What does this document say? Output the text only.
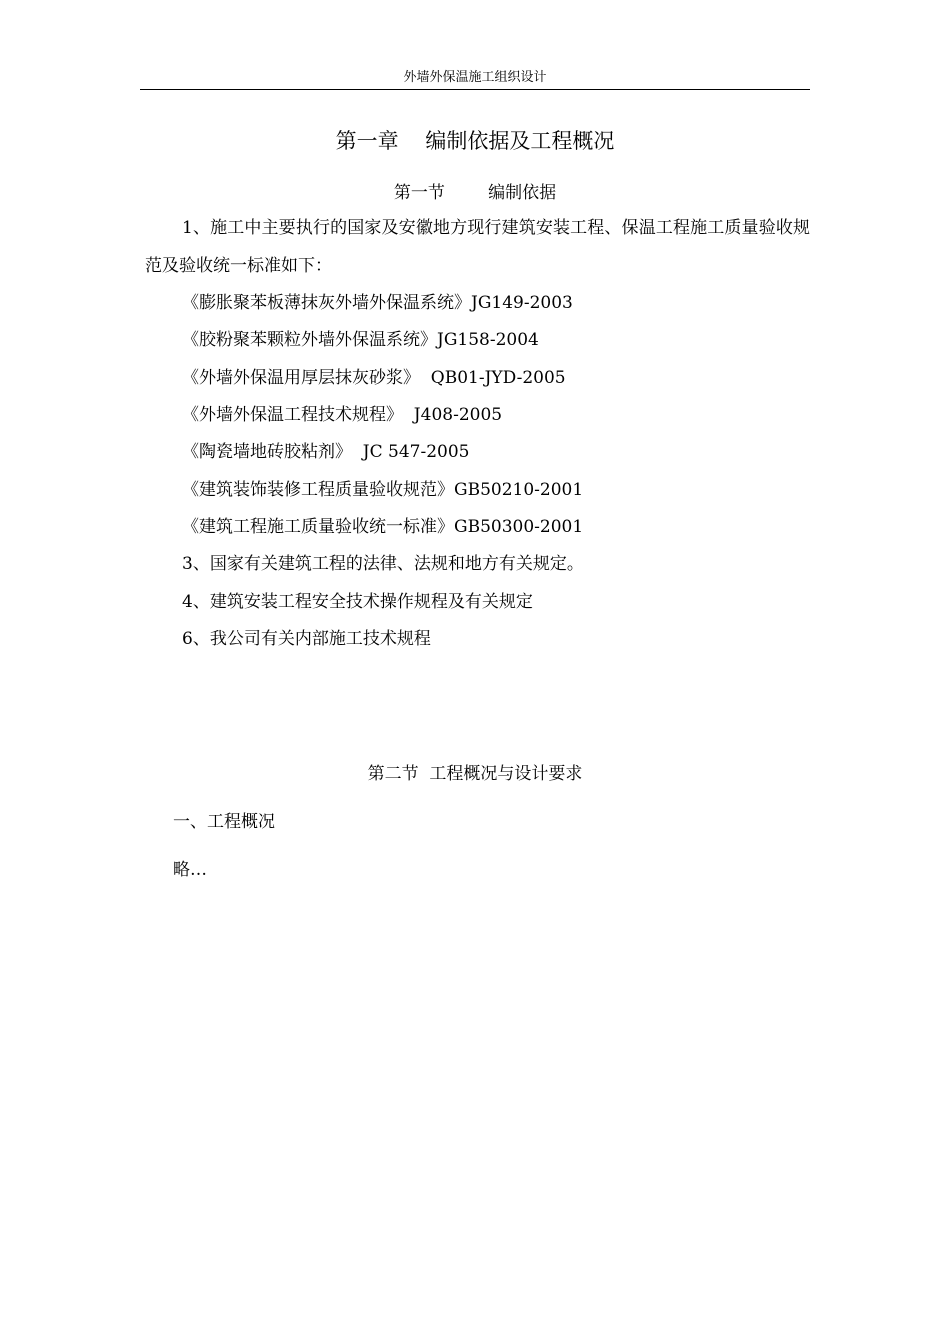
外墙外保温施工组织设计
第一章    编制依据及工程概况
第一节        编制依据
1、施工中主要执行的国家及安徽地方现行建筑安装工程、保温工程施工质量验收规范及验收统一标准如下：
《膨胀聚苯板薄抹灰外墙外保温系统》JG149-2003
《胶粉聚苯颗粒外墙外保温系统》JG158-2004
《外墙外保温用厚层抹灰砂浆》  QB01-JYD-2005
《外墙外保温工程技术规程》  J408-2005
《陶瓷墙地砖胶粘剂》  JC 547-2005
《建筑装饰装修工程质量验收规范》GB50210-2001
《建筑工程施工质量验收统一标准》GB50300-2001
3、国家有关建筑工程的法律、法规和地方有关规定。
4、建筑安装工程安全技术操作规程及有关规定
6、我公司有关内部施工技术规程
第二节  工程概况与设计要求
一、工程概况
略…
